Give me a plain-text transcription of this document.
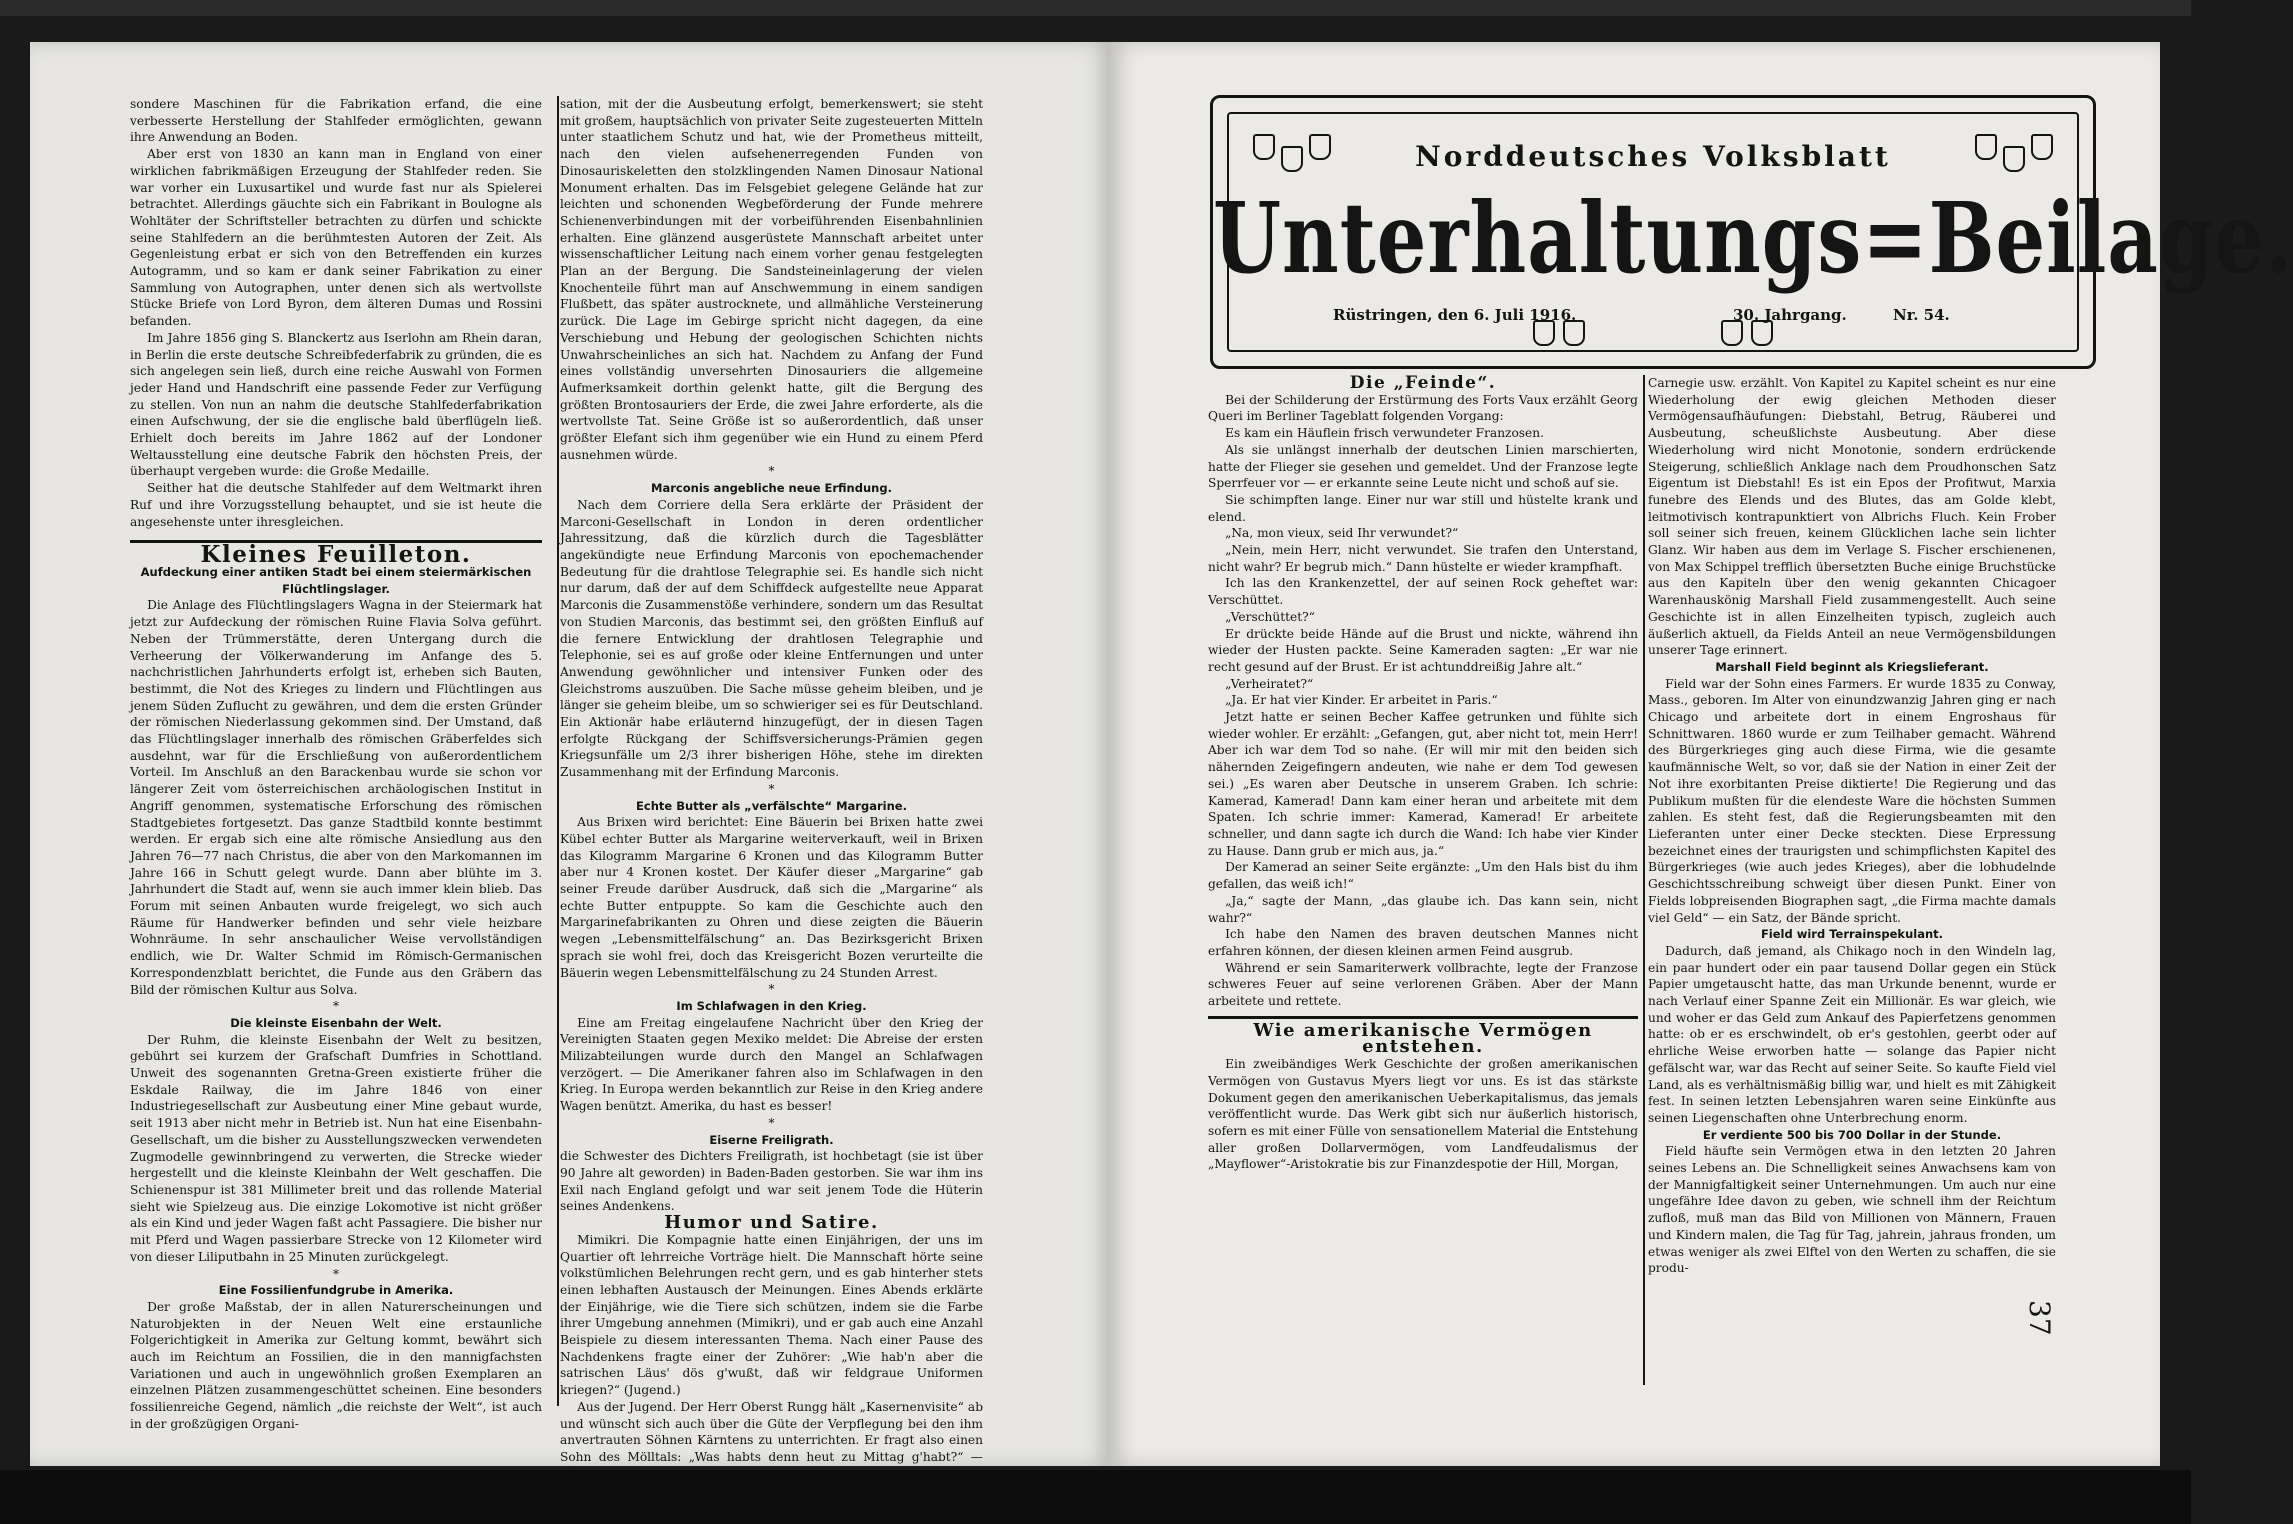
sondere Maschinen für die Fabrikation erfand, die eine verbesserte Herstellung der Stahlfeder ermöglichten, gewann ihre Anwendung an Boden.

Aber erst von 1830 an kann man in England von einer wirklichen fabrikmäßigen Erzeugung der Stahlfeder reden. Sie war vorher ein Luxusartikel und wurde fast nur als Spielerei betrachtet. Allerdings gäuchte sich ein Fabrikant in Boulogne als Wohltäter der Schriftsteller betrachten zu dürfen und schickte seine Stahlfedern an die berühmtesten Autoren der Zeit. Als Gegenleistung erbat er sich von den Betreffenden ein kurzes Autogramm, und so kam er dank seiner Fabrikation zu einer Sammlung von Autographen, unter denen sich als wertvollste Stücke Briefe von Lord Byron, dem älteren Dumas und Rossini befanden.

Im Jahre 1856 ging S. Blanckertz aus Iserlohn am Rhein daran, in Berlin die erste deutsche Schreibfederfabrik zu gründen, die es sich angelegen sein ließ, durch eine reiche Auswahl von Formen jeder Hand und Handschrift eine passende Feder zur Verfügung zu stellen. Von nun an nahm die deutsche Stahlfederfabrikation einen Aufschwung, der sie die englische bald überflügeln ließ. Erhielt doch bereits im Jahre 1862 auf der Londoner Weltausstellung eine deutsche Fabrik den höchsten Preis, der überhaupt vergeben wurde: die Große Medaille.

Seither hat die deutsche Stahlfeder auf dem Weltmarkt ihren Ruf und ihre Vorzugsstellung behauptet, und sie ist heute die angesehenste unter ihresgleichen.

Kleines Feuilleton.

Aufdeckung einer antiken Stadt bei einem steiermärkischen Flüchtlingslager.

Die Anlage des Flüchtlingslagers Wagna in der Steiermark hat jetzt zur Aufdeckung der römischen Ruine Flavia Solva geführt. Neben der Trümmerstätte, deren Untergang durch die Verheerung der Völkerwanderung im Anfange des 5. nachchristlichen Jahrhunderts erfolgt ist, erheben sich Bauten, bestimmt, die Not des Krieges zu lindern und Flüchtlingen aus jenem Süden Zuflucht zu gewähren, und dem die ersten Gründer der römischen Niederlassung gekommen sind. Der Umstand, daß das Flüchtlingslager innerhalb des römischen Gräberfeldes sich ausdehnt, war für die Erschließung von außerordentlichem Vorteil. Im Anschluß an den Barackenbau wurde sie schon vor längerer Zeit vom österreichischen archäologischen Institut in Angriff genommen, systematische Erforschung des römischen Stadtgebietes fortgesetzt. Das ganze Stadtbild konnte bestimmt werden. Er ergab sich eine alte römische Ansiedlung aus den Jahren 76—77 nach Christus, die aber von den Markomannen im Jahre 166 in Schutt gelegt wurde. Dann aber blühte im 3. Jahrhundert die Stadt auf, wenn sie auch immer klein blieb. Das Forum mit seinen Anbauten wurde freigelegt, wo sich auch Räume für Handwerker befinden und sehr viele heizbare Wohnräume. In sehr anschaulicher Weise vervollständigen endlich, wie Dr. Walter Schmid im Römisch-Germanischen Korrespondenzblatt berichtet, die Funde aus den Gräbern das Bild der römischen Kultur aus Solva.

*

Die kleinste Eisenbahn der Welt.

Der Ruhm, die kleinste Eisenbahn der Welt zu besitzen, gebührt sei kurzem der Grafschaft Dumfries in Schottland. Unweit des sogenannten Gretna-Green existierte früher die Eskdale Railway, die im Jahre 1846 von einer Industriegesellschaft zur Ausbeutung einer Mine gebaut wurde, seit 1913 aber nicht mehr in Betrieb ist. Nun hat eine Eisenbahn-Gesellschaft, um die bisher zu Ausstellungszwecken verwendeten Zugmodelle gewinnbringend zu verwerten, die Strecke wieder hergestellt und die kleinste Kleinbahn der Welt geschaffen. Die Schienenspur ist 381 Millimeter breit und das rollende Material sieht wie Spielzeug aus. Die einzige Lokomotive ist nicht größer als ein Kind und jeder Wagen faßt acht Passagiere. Die bisher nur mit Pferd und Wagen passierbare Strecke von 12 Kilometer wird von dieser Liliputbahn in 25 Minuten zurückgelegt.

*

Eine Fossilienfundgrube in Amerika.

Der große Maßstab, der in allen Naturerscheinungen und Naturobjekten in der Neuen Welt eine erstaunliche Folgerichtigkeit in Amerika zur Geltung kommt, bewährt sich auch im Reichtum an Fossilien, die in den mannigfachsten Variationen und auch in ungewöhnlich großen Exemplaren an einzelnen Plätzen zusammengeschüttet scheinen. Eine besonders fossilienreiche Gegend, nämlich „die reichste der Welt“, ist auch in der großzügigen Organi-

sation, mit der die Ausbeutung erfolgt, bemerkenswert; sie steht mit großem, hauptsächlich von privater Seite zugesteuerten Mitteln unter staatlichem Schutz und hat, wie der Prometheus mitteilt, nach den vielen aufsehenerregenden Funden von Dinosauriskeletten den stolzklingenden Namen Dinosaur National Monument erhalten. Das im Felsgebiet gelegene Gelände hat zur leichten und schonenden Wegbeförderung der Funde mehrere Schienenverbindungen mit der vorbeiführenden Eisenbahnlinien erhalten. Eine glänzend ausgerüstete Mannschaft arbeitet unter wissenschaftlicher Leitung nach einem vorher genau festgelegten Plan an der Bergung. Die Sandsteineinlagerung der vielen Knochenteile führt man auf Anschwemmung in einem sandigen Flußbett, das später austrocknete, und allmähliche Versteinerung zurück. Die Lage im Gebirge spricht nicht dagegen, da eine Verschiebung und Hebung der geologischen Schichten nichts Unwahrscheinliches an sich hat. Nachdem zu Anfang der Fund eines vollständig unversehrten Dinosauriers die allgemeine Aufmerksamkeit dorthin gelenkt hatte, gilt die Bergung des größten Brontosauriers der Erde, die zwei Jahre erforderte, als die wertvollste Tat. Seine Größe ist so außerordentlich, daß unser größter Elefant sich ihm gegenüber wie ein Hund zu einem Pferd ausnehmen würde.

*

Marconis angebliche neue Erfindung.

Nach dem Corriere della Sera erklärte der Präsident der Marconi-Gesellschaft in London in deren ordentlicher Jahressitzung, daß die kürzlich durch die Tagesblätter angekündigte neue Erfindung Marconis von epochemachender Bedeutung für die drahtlose Telegraphie sei. Es handle sich nicht nur darum, daß der auf dem Schiffdeck aufgestellte neue Apparat Marconis die Zusammenstöße verhindere, sondern um das Resultat von Studien Marconis, das bestimmt sei, den größten Einfluß auf die fernere Entwicklung der drahtlosen Telegraphie und Telephonie, sei es auf große oder kleine Entfernungen und unter Anwendung gewöhnlicher und intensiver Funken oder des Gleichstroms auszuüben. Die Sache müsse geheim bleiben, und je länger sie geheim bleibe, um so schwieriger sei es für Deutschland. Ein Aktionär habe erläuternd hinzugefügt, der in diesen Tagen erfolgte Rückgang der Schiffsversicherungs-Prämien gegen Kriegsunfälle um 2/3 ihrer bisherigen Höhe, stehe im direkten Zusammenhang mit der Erfindung Marconis.

*

Echte Butter als „verfälschte“ Margarine.

Aus Brixen wird berichtet: Eine Bäuerin bei Brixen hatte zwei Kübel echter Butter als Margarine weiterverkauft, weil in Brixen das Kilogramm Margarine 6 Kronen und das Kilogramm Butter aber nur 4 Kronen kostet. Der Käufer dieser „Margarine“ gab seiner Freude darüber Ausdruck, daß sich die „Margarine“ als echte Butter entpuppte. So kam die Geschichte auch den Margarinefabrikanten zu Ohren und diese zeigten die Bäuerin wegen „Lebensmittelfälschung“ an. Das Bezirksgericht Brixen sprach sie wohl frei, doch das Kreisgericht Bozen verurteilte die Bäuerin wegen Lebensmittelfälschung zu 24 Stunden Arrest.

*

Im Schlafwagen in den Krieg.

Eine am Freitag eingelaufene Nachricht über den Krieg der Vereinigten Staaten gegen Mexiko meldet: Die Abreise der ersten Milizabteilungen wurde durch den Mangel an Schlafwagen verzögert. — Die Amerikaner fahren also im Schlafwagen in den Krieg. In Europa werden bekanntlich zur Reise in den Krieg andere Wagen benützt. Amerika, du hast es besser!

*

Eiserne Freiligrath.

die Schwester des Dichters Freiligrath, ist hochbetagt (sie ist über 90 Jahre alt geworden) in Baden-Baden gestorben. Sie war ihm ins Exil nach England gefolgt und war seit jenem Tode die Hüterin seines Andenkens.

Humor und Satire.

Mimikri. Die Kompagnie hatte einen Einjährigen, der uns im Quartier oft lehrreiche Vorträge hielt. Die Mannschaft hörte seine volkstümlichen Belehrungen recht gern, und es gab hinterher stets einen lebhaften Austausch der Meinungen. Eines Abends erklärte der Einjährige, wie die Tiere sich schützen, indem sie die Farbe ihrer Umgebung annehmen (Mimikri), und er gab auch eine Anzahl Beispiele zu diesem interessanten Thema. Nach einer Pause des Nachdenkens fragte einer der Zuhörer: „Wie hab'n aber die satrischen Läus' dös g'wußt, daß wir feldgraue Uniformen kriegen?“ (Jugend.)

Aus der Jugend. Der Herr Oberst Rungg hält „Kasernenvisite“ ab und wünscht sich auch über die Güte der Verpflegung bei den ihm anvertrauten Söhnen Kärntens zu unterrichten. Er fragt also einen Sohn des Mölltals: „Was habts denn heut zu Mittag g'habt?“ —

Norddeutsches Volksblatt
Unterhaltungs=Beilage.
Rüstringen, den 6. Juli 1916.	30. Jahrgang.	Nr. 54.

Die „Feinde“.

Bei der Schilderung der Erstürmung des Forts Vaux erzählt Georg Queri im Berliner Tageblatt folgenden Vorgang:

Es kam ein Häuflein frisch verwundeter Franzosen.

Als sie unlängst innerhalb der deutschen Linien marschierten, hatte der Flieger sie gesehen und gemeldet. Und der Franzose legte Sperrfeuer vor — er erkannte seine Leute nicht und schoß auf sie.

Sie schimpften lange. Einer nur war still und hüstelte krank und elend.

„Na, mon vieux, seid Ihr verwundet?“

„Nein, mein Herr, nicht verwundet. Sie trafen den Unterstand, nicht wahr? Er begrub mich.“ Dann hüstelte er wieder krampfhaft.

Ich las den Krankenzettel, der auf seinen Rock geheftet war: Verschüttet.

„Verschüttet?“

Er drückte beide Hände auf die Brust und nickte, während ihn wieder der Husten packte. Seine Kameraden sagten: „Er war nie recht gesund auf der Brust. Er ist achtunddreißig Jahre alt.“

„Verheiratet?“

„Ja. Er hat vier Kinder. Er arbeitet in Paris.“

Jetzt hatte er seinen Becher Kaffee getrunken und fühlte sich wieder wohler. Er erzählt: „Gefangen, gut, aber nicht tot, mein Herr! Aber ich war dem Tod so nahe. (Er will mir mit den beiden sich nähernden Zeigefingern andeuten, wie nahe er dem Tod gewesen sei.) „Es waren aber Deutsche in unserem Graben. Ich schrie: Kamerad, Kamerad! Dann kam einer heran und arbeitete mit dem Spaten. Ich schrie immer: Kamerad, Kamerad! Er arbeitete schneller, und dann sagte ich durch die Wand: Ich habe vier Kinder zu Hause. Dann grub er mich aus, ja.“

Der Kamerad an seiner Seite ergänzte: „Um den Hals bist du ihm gefallen, das weiß ich!“

„Ja,“ sagte der Mann, „das glaube ich. Das kann sein, nicht wahr?“

Ich habe den Namen des braven deutschen Mannes nicht erfahren können, der diesen kleinen armen Feind ausgrub.

Während er sein Samariterwerk vollbrachte, legte der Franzose schweres Feuer auf seine verlorenen Gräben. Aber der Mann arbeitete und rettete.

Wie amerikanische Vermögen entstehen.

Ein zweibändiges Werk Geschichte der großen amerikanischen Vermögen von Gustavus Myers liegt vor uns. Es ist das stärkste Dokument gegen den amerikanischen Ueberkapitalismus, das jemals veröffentlicht wurde. Das Werk gibt sich nur äußerlich historisch, sofern es mit einer Fülle von sensationellem Material die Entstehung aller großen Dollarvermögen, vom Landfeudalismus der „Mayflower“-Aristokratie bis zur Finanzdespotie der Hill, Morgan,

Carnegie usw. erzählt. Von Kapitel zu Kapitel scheint es nur eine Wiederholung der ewig gleichen Methoden dieser Vermögensaufhäufungen: Diebstahl, Betrug, Räuberei und Ausbeutung, scheußlichste Ausbeutung. Aber diese Wiederholung wird nicht Monotonie, sondern erdrückende Steigerung, schließlich Anklage nach dem Proudhonschen Satz Eigentum ist Diebstahl! Es ist ein Epos der Profitwut, Marxia funebre des Elends und des Blutes, das am Golde klebt, leitmotivisch kontrapunktiert von Albrichs Fluch. Kein Frober soll seiner sich freuen, keinem Glücklichen lache sein lichter Glanz. Wir haben aus dem im Verlage S. Fischer erschienenen, von Max Schippel trefflich übersetzten Buche einige Bruchstücke aus den Kapiteln über den wenig gekannten Chicagoer Warenhauskönig Marshall Field zusammengestellt. Auch seine Geschichte ist in allen Einzelheiten typisch, zugleich auch äußerlich aktuell, da Fields Anteil an neue Vermögensbildungen unserer Tage erinnert.

Marshall Field beginnt als Kriegslieferant.

Field war der Sohn eines Farmers. Er wurde 1835 zu Conway, Mass., geboren. Im Alter von einundzwanzig Jahren ging er nach Chicago und arbeitete dort in einem Engroshaus für Schnittwaren. 1860 wurde er zum Teilhaber gemacht. Während des Bürgerkrieges ging auch diese Firma, wie die gesamte kaufmännische Welt, so vor, daß sie der Nation in einer Zeit der Not ihre exorbitanten Preise diktierte! Die Regierung und das Publikum mußten für die elendeste Ware die höchsten Summen zahlen. Es steht fest, daß die Regierungsbeamten mit den Lieferanten unter einer Decke steckten. Diese Erpressung bezeichnet eines der traurigsten und schimpflichsten Kapitel des Bürgerkrieges (wie auch jedes Krieges), aber die lobhudelnde Geschichtsschreibung schweigt über diesen Punkt. Einer von Fields lobpreisenden Biographen sagt, „die Firma machte damals viel Geld“ — ein Satz, der Bände spricht.

Field wird Terrainspekulant.

Dadurch, daß jemand, als Chikago noch in den Windeln lag, ein paar hundert oder ein paar tausend Dollar gegen ein Stück Papier umgetauscht hatte, das man Urkunde benennt, wurde er nach Verlauf einer Spanne Zeit ein Millionär. Es war gleich, wie und woher er das Geld zum Ankauf des Papierfetzens genommen hatte: ob er es erschwindelt, ob er's gestohlen, geerbt oder auf ehrliche Weise erworben hatte — solange das Papier nicht gefälscht war, war das Recht auf seiner Seite. So kaufte Field viel Land, als es verhältnismäßig billig war, und hielt es mit Zähigkeit fest. In seinen letzten Lebensjahren waren seine Einkünfte aus seinen Liegenschaften ohne Unterbrechung enorm.

Er verdiente 500 bis 700 Dollar in der Stunde.

Field häufte sein Vermögen etwa in den letzten 20 Jahren seines Lebens an. Die Schnelligkeit seines Anwachsens kam von der Mannigfaltigkeit seiner Unternehmungen. Um auch nur eine ungefähre Idee davon zu geben, wie schnell ihm der Reichtum zufloß, muß man das Bild von Millionen von Männern, Frauen und Kindern malen, die Tag für Tag, jahrein, jahraus fronden, um etwas weniger als zwei Elftel von den Werten zu schaffen, die sie produ-

37
